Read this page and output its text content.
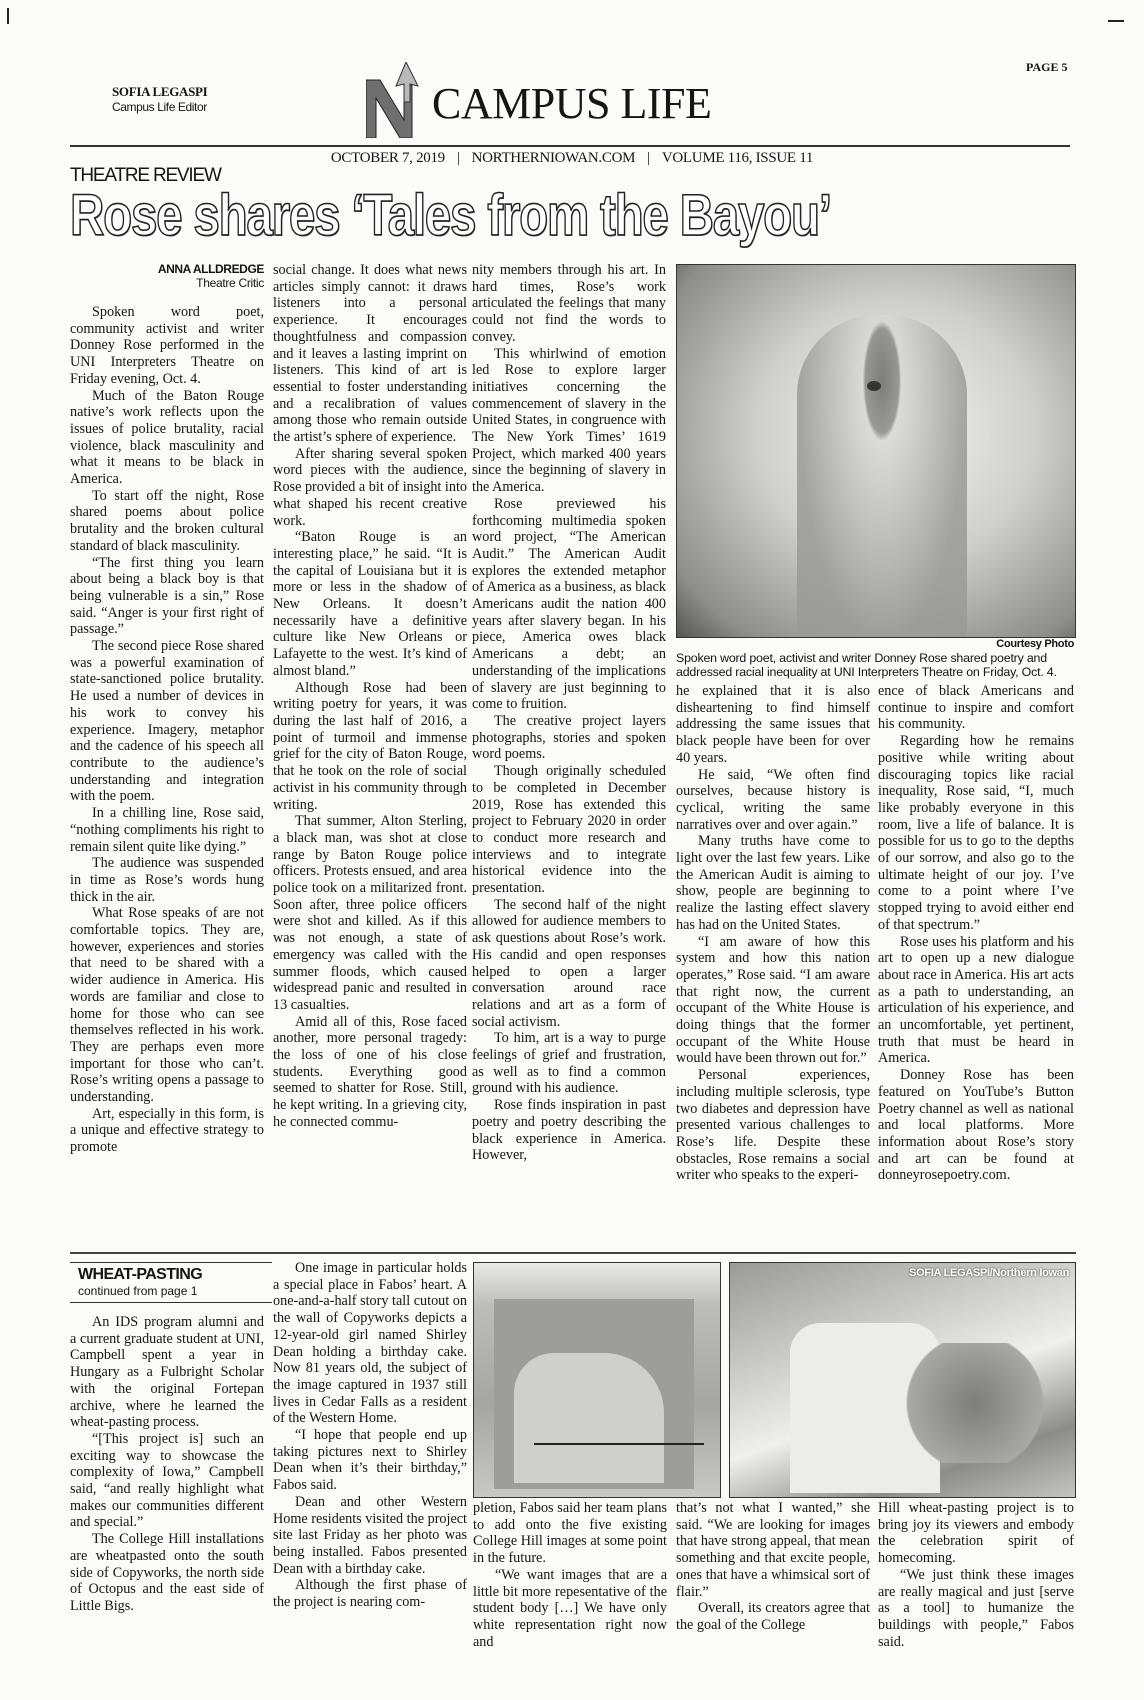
SOFIA LEGASPI
Campus Life Editor	CAMPUS LIFE
PAGE 5
OCTOBER 7, 2019 | NORTHERNIOWAN.COM | VOLUME 116, ISSUE 11
THEATRE REVIEW
Rose shares ‘Tales from the Bayou’
ANNA ALLDREDGE
Theatre Critic

Spoken word poet, community activist and writer Donney Rose performed in the UNI Interpreters Theatre on Friday evening, Oct. 4.

Much of the Baton Rouge native’s work reflects upon the issues of police brutality, racial violence, black masculinity and what it means to be black in America.

To start off the night, Rose shared poems about police brutality and the broken cultural standard of black masculinity.

“The first thing you learn about being a black boy is that being vulnerable is a sin,” Rose said. “Anger is your first right of passage.”

The second piece Rose shared was a powerful examination of state-sanctioned police brutality. He used a number of devices in his work to convey his experience. Imagery, metaphor and the cadence of his speech all contribute to the audience’s understanding and integration with the poem.

In a chilling line, Rose said, “nothing compliments his right to remain silent quite like dying.”

The audience was suspended in time as Rose’s words hung thick in the air.

What Rose speaks of are not comfortable topics. They are, however, experiences and stories that need to be shared with a wider audience in America. His words are familiar and close to home for those who can see themselves reflected in his work. They are perhaps even more important for those who can’t. Rose’s writing opens a passage to understanding.

Art, especially in this form, is a unique and effective strategy to promote

social change. It does what news articles simply cannot: it draws listeners into a personal experience. It encourages thoughtfulness and compassion and it leaves a lasting imprint on listeners. This kind of art is essential to foster understanding and a recalibration of values among those who remain outside the artist’s sphere of experience.

After sharing several spoken word pieces with the audience, Rose provided a bit of insight into what shaped his recent creative work.

“Baton Rouge is an interesting place,” he said. “It is the capital of Louisiana but it is more or less in the shadow of New Orleans. It doesn’t necessarily have a definitive culture like New Orleans or Lafayette to the west. It’s kind of almost bland.”

Although Rose had been writing poetry for years, it was during the last half of 2016, a point of turmoil and immense grief for the city of Baton Rouge, that he took on the role of social activist in his community through writing.

That summer, Alton Sterling, a black man, was shot at close range by Baton Rouge police officers. Protests ensued, and area police took on a militarized front. Soon after, three police officers were shot and killed. As if this was not enough, a state of emergency was called with the summer floods, which caused widespread panic and resulted in 13 casualties.

Amid all of this, Rose faced another, more personal tragedy: the loss of one of his close students. Everything good seemed to shatter for Rose. Still, he kept writing. In a grieving city, he connected commu-

nity members through his art. In hard times, Rose’s work articulated the feelings that many could not find the words to convey.

This whirlwind of emotion led Rose to explore larger initiatives concerning the commencement of slavery in the United States, in congruence with The New York Times’ 1619 Project, which marked 400 years since the beginning of slavery in the America.

Rose previewed his forthcoming multimedia spoken word project, “The American Audit.” The American Audit explores the extended metaphor of America as a business, as black Americans audit the nation 400 years after slavery began. In his piece, America owes black Americans a debt; an understanding of the implications of slavery are just beginning to come to fruition.

The creative project layers photographs, stories and spoken word poems.

Though originally scheduled to be completed in December 2019, Rose has extended this project to February 2020 in order to conduct more research and interviews and to integrate historical evidence into the presentation.

The second half of the night allowed for audience members to ask questions about Rose’s work. His candid and open responses helped to open a larger conversation around race relations and art as a form of social activism.

To him, art is a way to purge feelings of grief and frustration, as well as to find a common ground with his audience.

Rose finds inspiration in past poetry and poetry describing the black experience in America. However,

Courtesy Photo
Spoken word poet, activist and writer Donney Rose shared poetry and addressed racial inequality at UNI Interpreters Theatre on Friday, Oct. 4.

he explained that it is also disheartening to find himself addressing the same issues that black people have been for over 40 years.

He said, “We often find ourselves, because history is cyclical, writing the same narratives over and over again.”

Many truths have come to light over the last few years. Like the American Audit is aiming to show, people are beginning to realize the lasting effect slavery has had on the United States.

“I am aware of how this system and how this nation operates,” Rose said. “I am aware that right now, the current occupant of the White House is doing things that the former occupant of the White House would have been thrown out for.”

Personal experiences, including multiple sclerosis, type two diabetes and depression have presented various challenges to Rose’s life. Despite these obstacles, Rose remains a social writer who speaks to the experi-

ence of black Americans and continue to inspire and comfort his community.

Regarding how he remains positive while writing about discouraging topics like racial inequality, Rose said, “I, much like probably everyone in this room, live a life of balance. It is possible for us to go to the depths of our sorrow, and also go to the ultimate height of our joy. I’ve come to a point where I’ve stopped trying to avoid either end of that spectrum.”

Rose uses his platform and his art to open up a new dialogue about race in America. His art acts as a path to understanding, an articulation of his experience, and an uncomfortable, yet pertinent, truth that must be heard in America.

Donney Rose has been featured on YouTube’s Button Poetry channel as well as national and local platforms. More information about Rose’s story and art can be found at donneyrosepoetry.com.

WHEAT-PASTING
continued from page 1

An IDS program alumni and a current graduate student at UNI, Campbell spent a year in Hungary as a Fulbright Scholar with the original Fortepan archive, where he learned the wheat-pasting process.

“[This project is] such an exciting way to showcase the complexity of Iowa,” Campbell said, “and really highlight what makes our communities different and special.”

The College Hill installations are wheatpasted onto the south side of Copyworks, the north side of Octopus and the east side of Little Bigs.

One image in particular holds a special place in Fabos’ heart. A one-and-a-half story tall cutout on the wall of Copyworks depicts a 12-year-old girl named Shirley Dean holding a birthday cake. Now 81 years old, the subject of the image captured in 1937 still lives in Cedar Falls as a resident of the Western Home.

“I hope that people end up taking pictures next to Shirley Dean when it’s their birthday,” Fabos said.

Dean and other Western Home residents visited the project site last Friday as her photo was being installed. Fabos presented Dean with a birthday cake.

Although the first phase of the project is nearing com-

SOFIA LEGASPI/Northern Iowan

pletion, Fabos said her team plans to add onto the five existing College Hill images at some point in the future.

“We want images that are a little bit more repesentative of the student body […] We have only white representation right now and

that’s not what I wanted,” she said. “We are looking for images that have strong appeal, that mean something and that excite people, ones that have a whimsical sort of flair.”

Overall, its creators agree that the goal of the College

Hill wheat-pasting project is to bring joy its viewers and embody the celebration spirit of homecoming.

“We just think these images are really magical and just [serve as a tool] to humanize the buildings with people,” Fabos said.
